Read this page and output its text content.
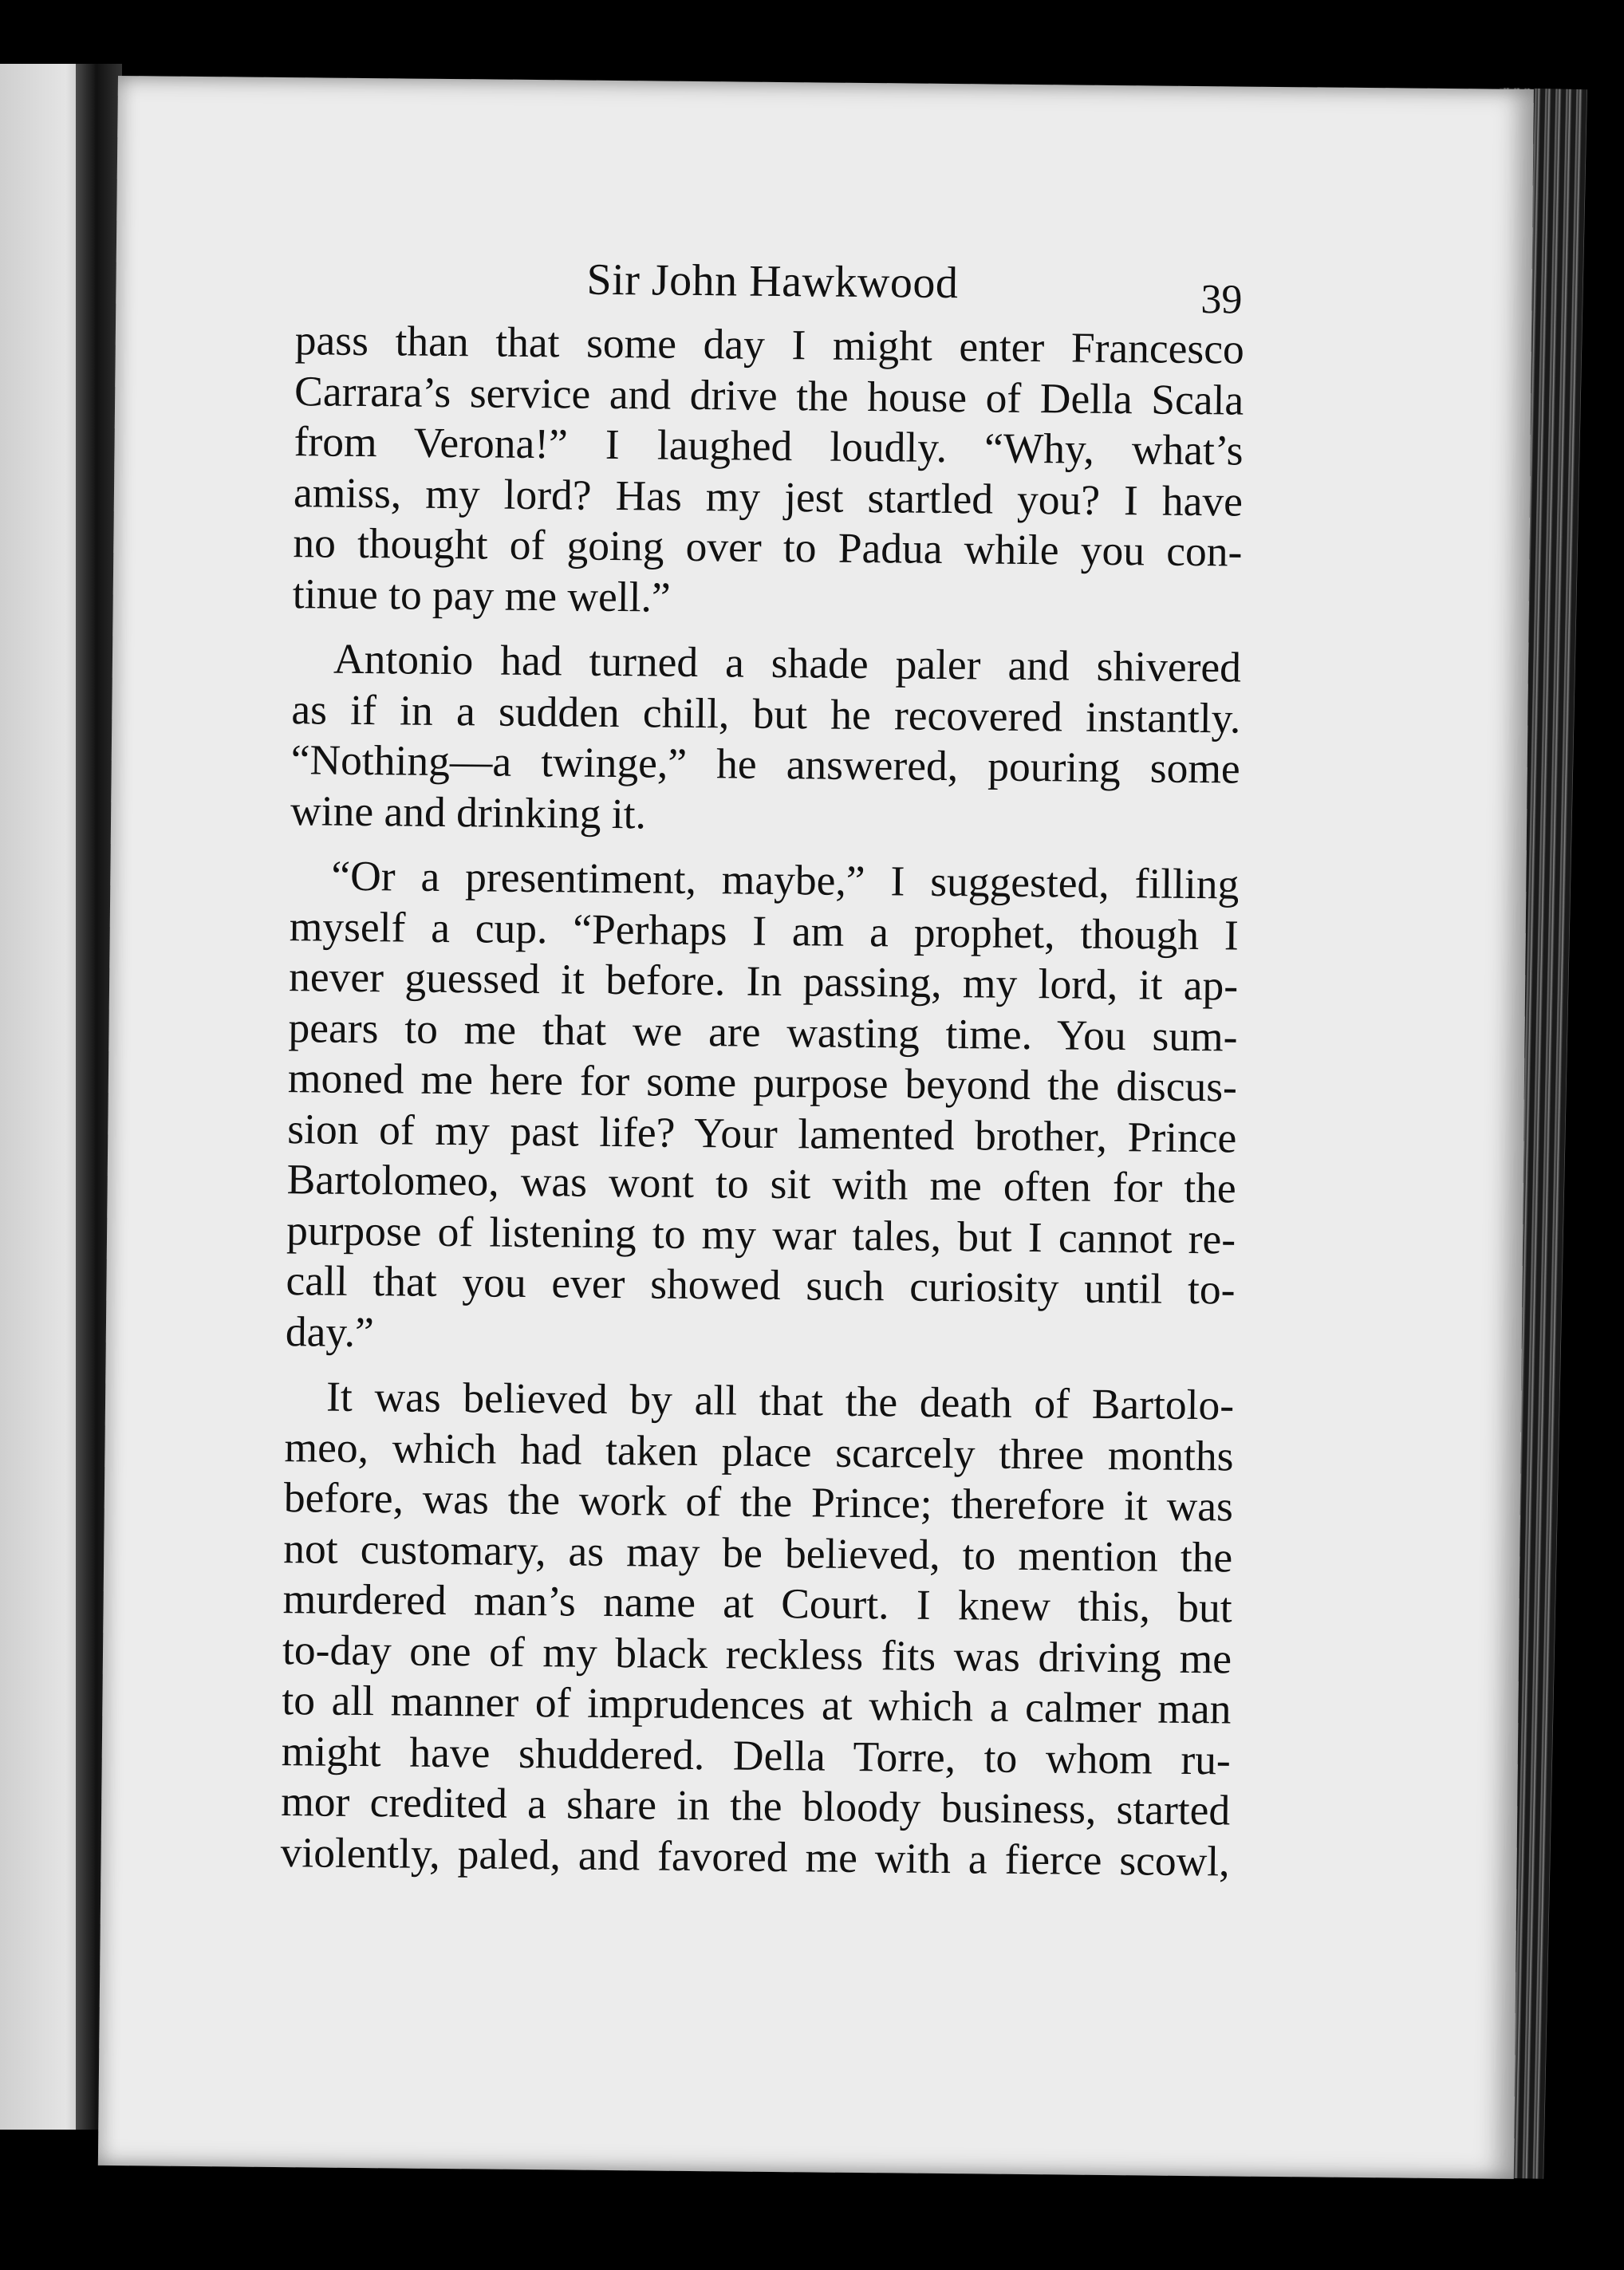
Sir John Hawkwood	39
pass than that some day I might enter Francesco
Carrara’s service and drive the house of Della Scala
from Verona!” I laughed loudly. “Why, what’s
amiss, my lord? Has my jest startled you? I have
no thought of going over to Padua while you con-
tinue to pay me well.”
Antonio had turned a shade paler and shivered
as if in a sudden chill, but he recovered instantly.
“Nothing—a twinge,” he answered, pouring some
wine and drinking it.
“Or a presentiment, maybe,” I suggested, filling
myself a cup. “Perhaps I am a prophet, though I
never guessed it before. In passing, my lord, it ap-
pears to me that we are wasting time. You sum-
moned me here for some purpose beyond the discus-
sion of my past life? Your lamented brother, Prince
Bartolomeo, was wont to sit with me often for the
purpose of listening to my war tales, but I cannot re-
call that you ever showed such curiosity until to-
day.”
It was believed by all that the death of Bartolo-
meo, which had taken place scarcely three months
before, was the work of the Prince; therefore it was
not customary, as may be believed, to mention the
murdered man’s name at Court. I knew this, but
to-day one of my black reckless fits was driving me
to all manner of imprudences at which a calmer man
might have shuddered. Della Torre, to whom ru-
mor credited a share in the bloody business, started
violently, paled, and favored me with a fierce scowl,
